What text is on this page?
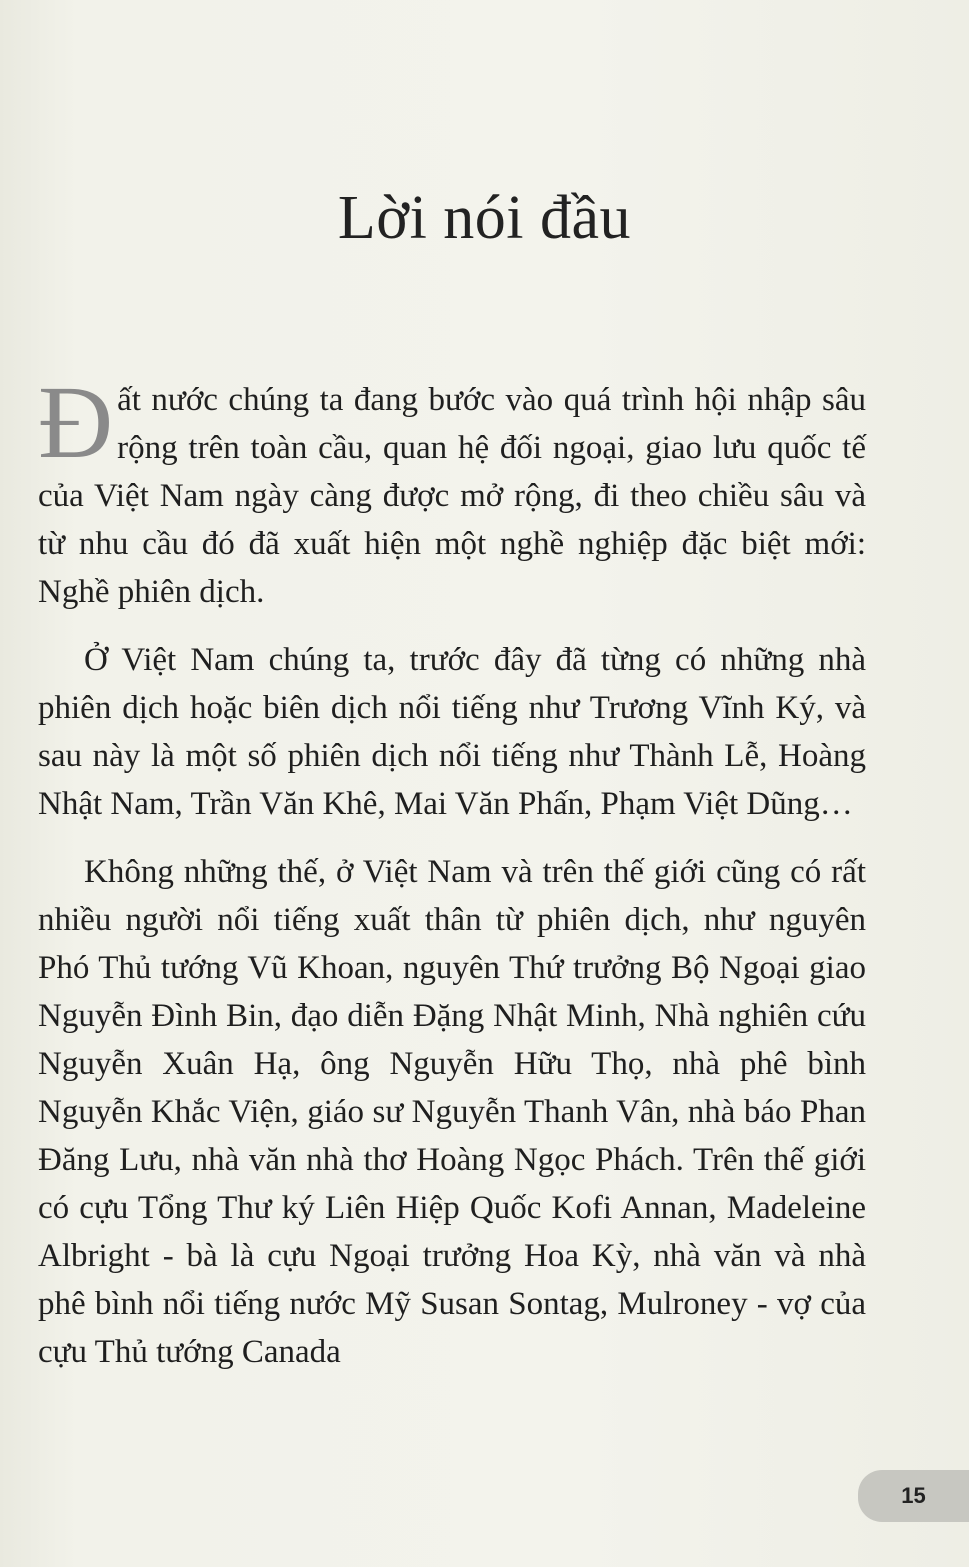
Lời nói đầu

Đất nước chúng ta đang bước vào quá trình hội nhập sâu rộng trên toàn cầu, quan hệ đối ngoại, giao lưu quốc tế của Việt Nam ngày càng được mở rộng, đi theo chiều sâu và từ nhu cầu đó đã xuất hiện một nghề nghiệp đặc biệt mới: Nghề phiên dịch.

Ở Việt Nam chúng ta, trước đây đã từng có những nhà phiên dịch hoặc biên dịch nổi tiếng như Trương Vĩnh Ký, và sau này là một số phiên dịch nổi tiếng như Thành Lễ, Hoàng Nhật Nam, Trần Văn Khê, Mai Văn Phấn, Phạm Việt Dũng…

Không những thế, ở Việt Nam và trên thế giới cũng có rất nhiều người nổi tiếng xuất thân từ phiên dịch, như nguyên Phó Thủ tướng Vũ Khoan, nguyên Thứ trưởng Bộ Ngoại giao Nguyễn Đình Bin, đạo diễn Đặng Nhật Minh, Nhà nghiên cứu Nguyễn Xuân Hạ, ông Nguyễn Hữu Thọ, nhà phê bình Nguyễn Khắc Viện, giáo sư Nguyễn Thanh Vân, nhà báo Phan Đăng Lưu, nhà văn nhà thơ Hoàng Ngọc Phách. Trên thế giới có cựu Tổng Thư ký Liên Hiệp Quốc Kofi Annan, Madeleine Albright - bà là cựu Ngoại trưởng Hoa Kỳ, nhà văn và nhà phê bình nổi tiếng nước Mỹ Susan Sontag, Mulroney - vợ của cựu Thủ tướng Canada

15
